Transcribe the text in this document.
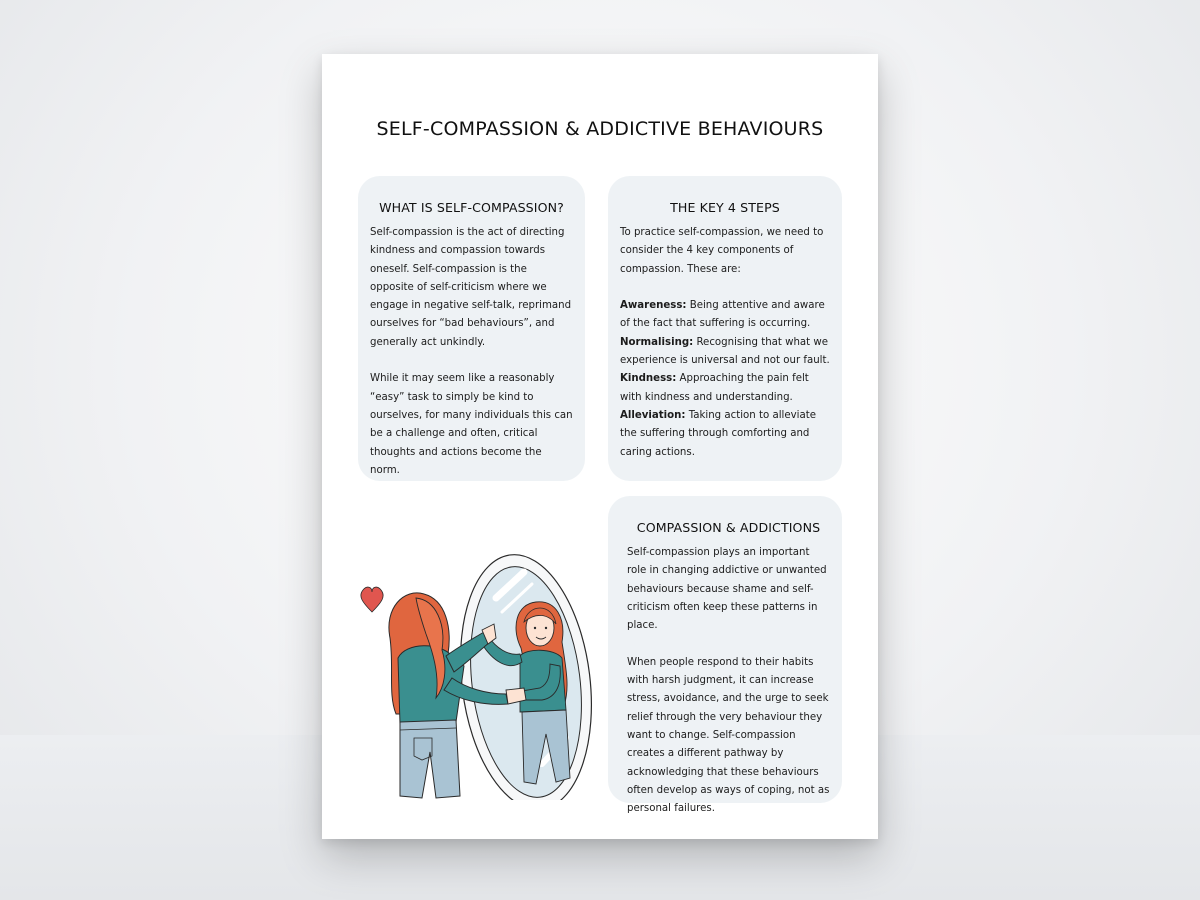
SELF-COMPASSION & ADDICTIVE BEHAVIOURS
WHAT IS SELF-COMPASSION?

Self-compassion is the act of directing kindness and compassion towards oneself. Self-compassion is the opposite of self-criticism where we engage in negative self-talk, reprimand ourselves for “bad behaviours”, and generally act unkindly.

While it may seem like a reasonably “easy” task to simply be kind to ourselves, for many individuals this can be a challenge and often, critical thoughts and actions become the norm.

THE KEY 4 STEPS

To practice self-compassion, we need to consider the 4 key components of compassion. These are:

Awareness: Being attentive and aware of the fact that suffering is occurring.
Normalising: Recognising that what we experience is universal and not our fault.
Kindness: Approaching the pain felt with kindness and understanding.
Alleviation: Taking action to alleviate the suffering through comforting and caring actions.

COMPASSION & ADDICTIONS

Self-compassion plays an important role in changing addictive or unwanted behaviours because shame and self-criticism often keep these patterns in place.

When people respond to their habits with harsh judgment, it can increase stress, avoidance, and the urge to seek relief through the very behaviour they want to change. Self-compassion creates a different pathway by acknowledging that these behaviours often develop as ways of coping, not as personal failures.
